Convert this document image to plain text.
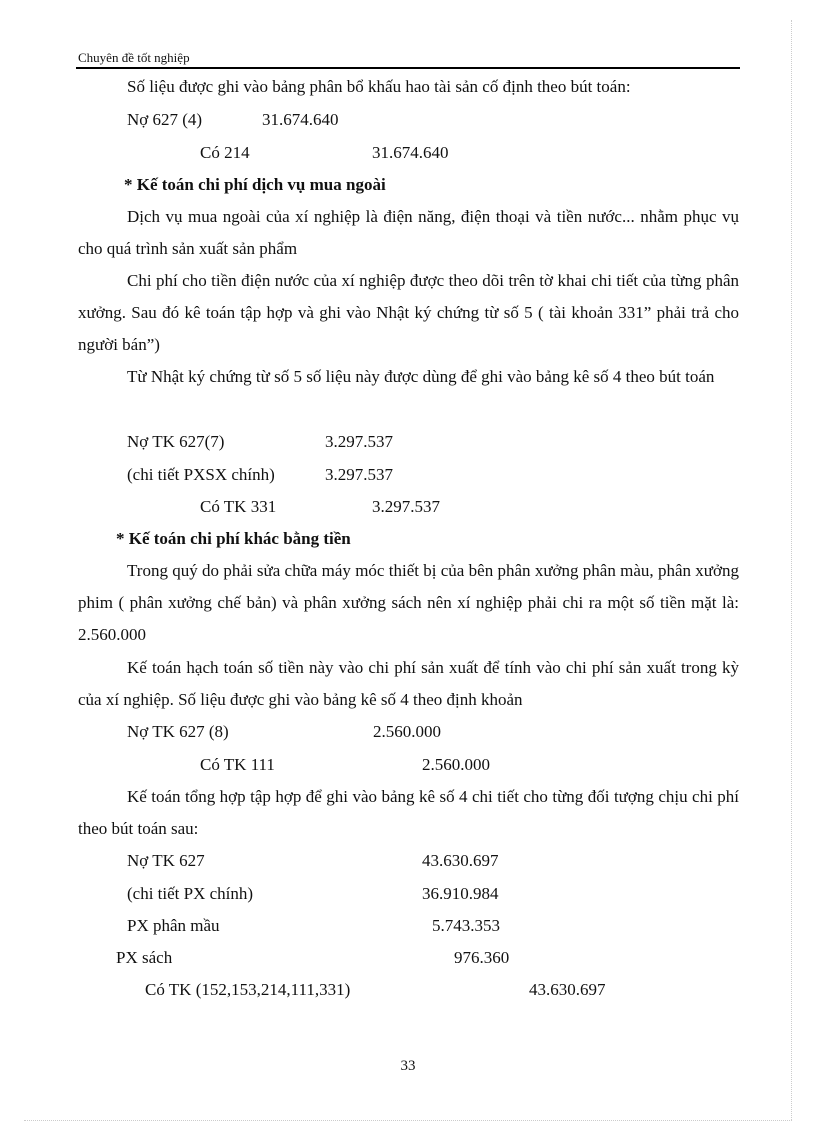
Chuyên đề tốt nghiệp
Số liệu được ghi vào bảng phân bổ khấu hao tài sản cố định theo bút toán:
Nợ 627 (4)	31.674.640
Có 214	31.674.640
* Kế toán chi phí dịch vụ mua ngoài
Dịch vụ mua ngoài của xí nghiệp là điện năng, điện thoại và tiền nước... nhằm phục vụ cho quá trình sản xuất sản phẩm
Chi phí cho tiền điện nước của xí nghiệp được theo dõi trên tờ khai chi tiết của từng phân xưởng. Sau đó kê toán tập hợp và ghi vào Nhật ký chứng từ số 5 ( tài khoản 331” phải trả cho người bán”)
Từ Nhật ký chứng từ số 5 số liệu này được dùng để ghi vào bảng kê số 4 theo bút toán
Nợ TK 627(7)	3.297.537
(chi tiết PXSX chính)	3.297.537
Có TK 331	3.297.537
* Kế toán chi phí khác bằng tiền
Trong quý do phải sửa chữa máy móc thiết bị của bên phân xưởng phân màu, phân xưởng phim ( phân xưởng chế bản) và phân xưởng sách nên xí nghiệp phải chi ra một số tiền mặt là: 2.560.000
Kế toán hạch toán số tiền này vào chi phí sản xuất để tính vào chi phí sản xuất trong kỳ của xí nghiệp. Số liệu được ghi vào bảng kê số 4 theo định khoản
Nợ TK 627 (8)	2.560.000
Có TK 111	2.560.000
Kế toán tổng hợp tập hợp để ghi vào bảng kê số 4 chi tiết cho từng đối tượng chịu chi phí theo bút toán sau:
Nợ TK 627	43.630.697
(chi tiết PX chính)	36.910.984
PX phân mầu	5.743.353
PX sách	976.360
Có TK (152,153,214,111,331)	43.630.697
33
